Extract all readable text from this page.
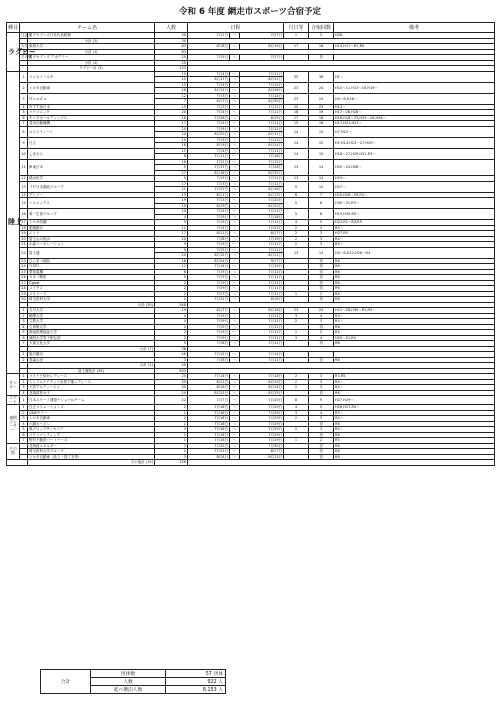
令和 6 年度 網走市スポーツ合宿予定
種目	チーム名		人数	日程			月日等	合宿回数	備考
ラグビー	社会人	男子セブンズ日本代表候補	30	7月1日	〜	7月7日	1	2	H28
		小計 (1)	30						
	大学	東海大学	83	8月8日	〜	8月19日	17	18	H14,H17〜R1,R5
		小計 (1)	83						
	その他	男子セブンズ アカデミー	20	7月5日	〜	7月7日		初	
		小計 (1)	20						
		ラグビー計 (3)	133						
陸上	1	コニカミノルタ	10	7月4日	〜	7月11日	35	36	H1〜
			25	8月17日	〜	8月31日			
	2	トヨタ自動車	15	7月4日	〜	7月12日	23	24	H10〜11,H13〜16,H19〜
			26	8月15日	〜	8月26日			
	3	Ｈｏｎｄａ	12	7月3日	〜	7月14日	23	24	H4〜6,H16〜
			7	8月7日	〜	8月30日			
	4	ＮＴＴ西日本	15	7月3日	〜	7月12日	22	23	H14〜
	5	パナソニック	20	7月4日	〜	7月11日	18	19	H17〜26,H28〜
	6	ヤマダホールディングス	18	7月28日	〜	8月9日	17	18	H16,H18〜23,H25〜26,H28〜
	7	豊田自動織機	17	7月4日	〜	7月11日	15	16	H17,H21,H23〜
	8	ロジスティード	10	7月9日	〜	7月11日	14	15	H7,H23〜
			20	8月20日	〜	8月31日			
	9	日立	10	7月5日	〜	7月12日	14	15	H2,H14,H23〜27,H29〜
			18	8月9日	〜	8月24日			
	10	しまむら	11	7月4日	〜	7月11日	14	15	H18〜27,H29,H31,R3〜
			8	7月11日	〜	7月18日			
	11	JR東日本	18	7月2日	〜	7月12日	13	14	H20〜24,H28〜
			5	7月17日	〜	7月28日			
			27	8月16日	〜	8月31日			
	12	積水化学	5	7月9日	〜	7月11日	13	14	H23〜
	13	ＪＰ日本郵政グループ	17	7月3日	〜	7月11日	9	10	H27〜
			21	7月31日	〜	8月16日			
	14	デンソー	15	8月1日	〜	8月13日	6	7	H20,H28〜29,R3〜
	15	シスメックス	19	7月3日	〜	7月20日	5	6	H30〜31,R3〜
			19	8月9日	〜	8月20日			
	16	第一生命グループ	10	7月4日	〜	7月11日	5	6	H15,H30,R3〜
			4	7月9日	〜	7月18日			
	17	トヨタ紡織	5	7月9日	〜	7月11日	4	5	H23,R2〜R3,R5
	18	肥後銀行	12	7月4日	〜	7月22日	2	3	R4〜
	19	ニトリ	17	8月1日	〜	8月7日	2	3	H27,R5
	20	富士山の銘水	20	7月8日	〜	7月19日	2	3	R4〜
	21	小森コーポレーション	9	7月9日	〜	7月11日	2	3	R4〜
	22	富士通	9	7月5日	〜	7月11日	13	14	H4〜6,H22,H26〜R4
			20	8月15日	〜	8月21日			
	23	ひらまつ病院	18	8月24日	〜	9月7日		初	R6
	24	ＧＭＯ	12	7月14日	〜	7月19日		初	R6
	25	愛知電機	6	7月9日	〜	7月11日		初	R6
	26	セキノ興産	5	7月9日	〜	7月11日		初	R6
	27	Ggoat	2	7月9日	〜	7月11日		初	R6
	28	メイクス	2	7月9日	〜	7月11日		初	R6
	29	メモリード	2	7月7日	〜	7月11日	1	2	R4
	30	埼玉医科大学	2	7月31日	〜	8月6日		初	R6
		小計 (30)	548						
	1	玉川大学	19	8月7日	〜	8月18日	23	24	H11〜28,H30〜R1,R3〜
	2	駒澤大学	4	7月9日	〜	7月11日	3	4	R3〜
	3	立教大学	4	7月9日	〜	7月11日	2	3	R4〜
	4	立命館大学	2	7月9日	〜	7月11日		初	R6
	5	新潟医療福祉大学	2	7月9日	〜	7月11日	1	2	R4
	6	城西大学男子駅伝部	2	7月9日	〜	7月11日	3	4	H20〜21,R4
	7	大東文化大学	5	7月8日	〜	7月11日		初	R6
		小計 (7)	36						
	1	旭川龍谷	46	7月12日	〜	7月14日			
	2	青森山田	3	7月8日	〜	7月11日		初	R6
		小計 (2)	49						
		陸上競技計 (39)	633						
サッカー	1	マイナビ仙台レディース	25	7月14日	〜	7月18日	2	3	R3,R5
	2	ジェフユナイテッド市原千葉レディース	35	8月2日	〜	8月10日	2	3	R4〜
	3	大宮アルディージャ	35	8月8日	〜	8月14日	2	3	R4〜
	4	北翔清松女子	20	8月23日	〜	8月25日		初	R6
スケート	1	日本スケート連盟ナショナルチーム	22	7月7日	〜	7月20日	8	9	H27,H29〜
車椅子レーサー	1	日立ソリューションズ	2	7月16日	〜	7月29日	4	5	H26,H27,R4〜
	2	LINEヤフー	1	7月16日	〜	7月29日	3	4	R3〜
	3	トヨタ自動車	2	7月16日	〜	7月29日	2	3	R4〜
	4	六織カーボン	1	7月16日	〜	7月29日		初	R6
	5	奥グロップサンセリテ	3	7月16日	〜	7月29日	2	3	R4〜
	6	パラリバンティック	1	7月16日	〜	7月29日		初	R6
	7	野村不動産パートナーズ	1	7月16日	〜	7月29日	1	2	R5
その他		北海道エネルギー	3	7月22日	〜	7月30日		初	R6
		埼玉医科大学グループ	2	7月31日	〜	8月7日		初	R6
		トヨタ自動車（陸上・投てき等）	3	8月8日	〜	8月15日		初	R6
		その他計 (15)	156						
合計	団体数	57 団体
	人数	922 人
	延べ選泊人数	8,153 人
